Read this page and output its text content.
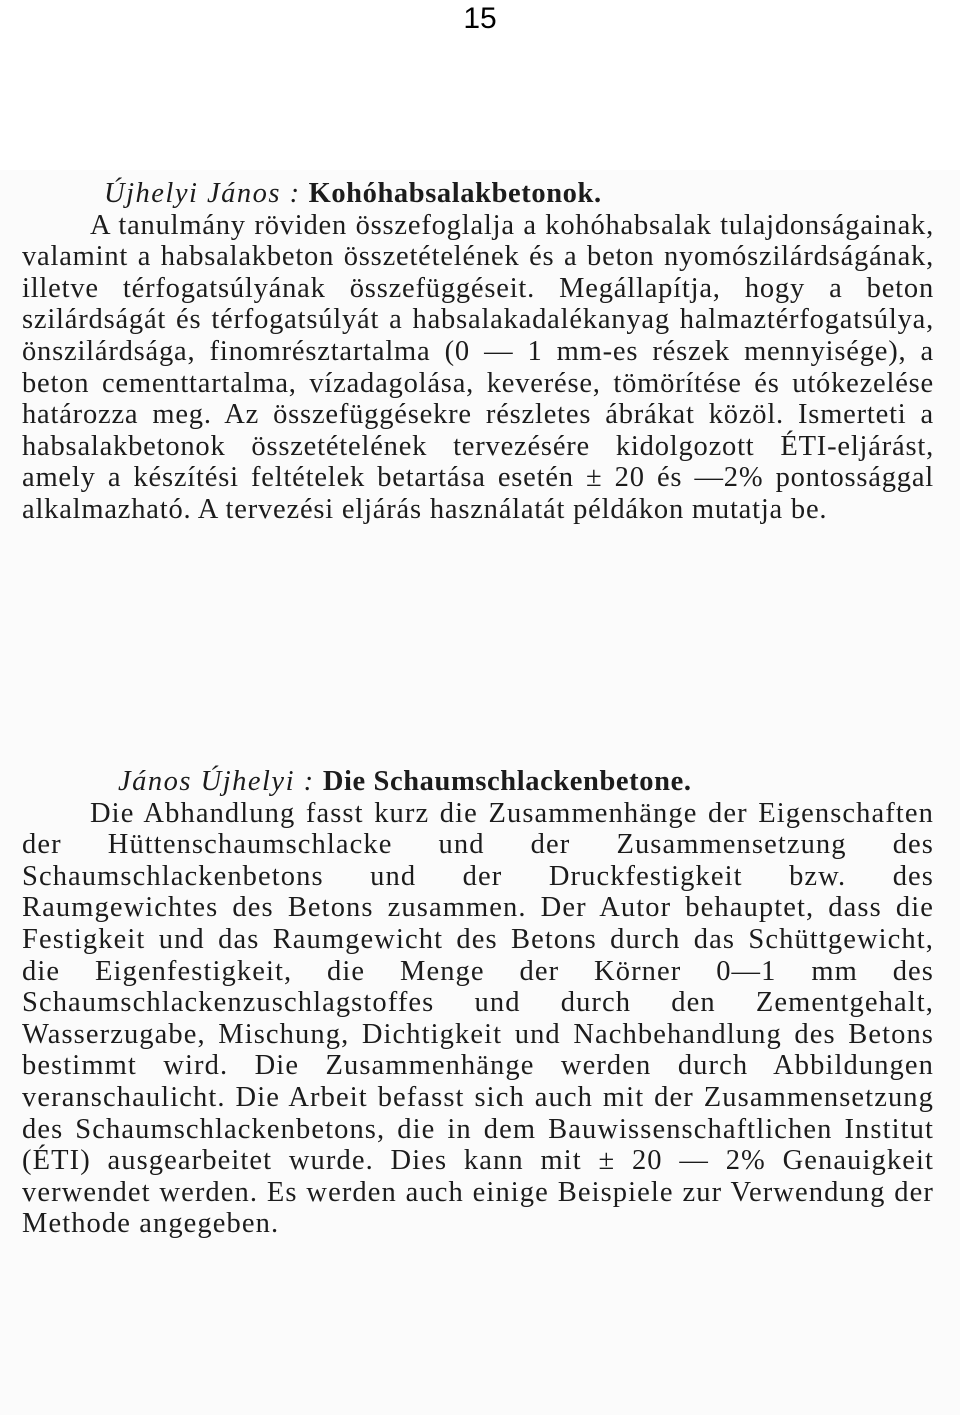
15
Újhelyi János : Kohóhabsalakbetonok.
A tanulmány röviden összefoglalja a kohóhabsalak tulajdonságainak, valamint a habsalakbeton összetételének és a beton nyomószilárdságának, illetve térfogatsúlyának összefüggéseit. Megállapítja, hogy a beton szilárdságát és térfogatsúlyát a habsalakadalékanyag halmaztérfogatsúlya, önszilárdsága, finomrésztartalma (0 — 1 mm-es részek mennyisége), a beton cementtartalma, vízadagolása, keverése, tömörítése és utókezelése határozza meg. Az összefüggésekre részletes ábrákat közöl. Ismerteti a habsalakbetonok összetételének tervezésére kidolgozott ÉTI-eljárást, amely a készítési feltételek betartása esetén ± 20 és —2% pontossággal alkalmazható. A tervezési eljárás használatát példákon mutatja be.
János Újhelyi : Die Schaumschlackenbetone.
Die Abhandlung fasst kurz die Zusammenhänge der Eigenschaften der Hüttenschaumschlacke und der Zusammensetzung des Schaumschlackenbetons und der Druckfestigkeit bzw. des Raumgewichtes des Betons zusammen. Der Autor behauptet, dass die Festigkeit und das Raumgewicht des Betons durch das Schüttgewicht, die Eigenfestigkeit, die Menge der Körner 0—1 mm des Schaumschlackenzuschlagstoffes und durch den Zementgehalt, Wasserzugabe, Mischung, Dichtigkeit und Nachbehandlung des Betons bestimmt wird. Die Zusammenhänge werden durch Abbildungen veranschaulicht. Die Arbeit befasst sich auch mit der Zusammensetzung des Schaumschlackenbetons, die in dem Bauwissenschaftlichen Institut (ÉTI) ausgearbeitet wurde. Dies kann mit ± 20 — 2% Genauigkeit verwendet werden. Es werden auch einige Beispiele zur Verwendung der Methode angegeben.
